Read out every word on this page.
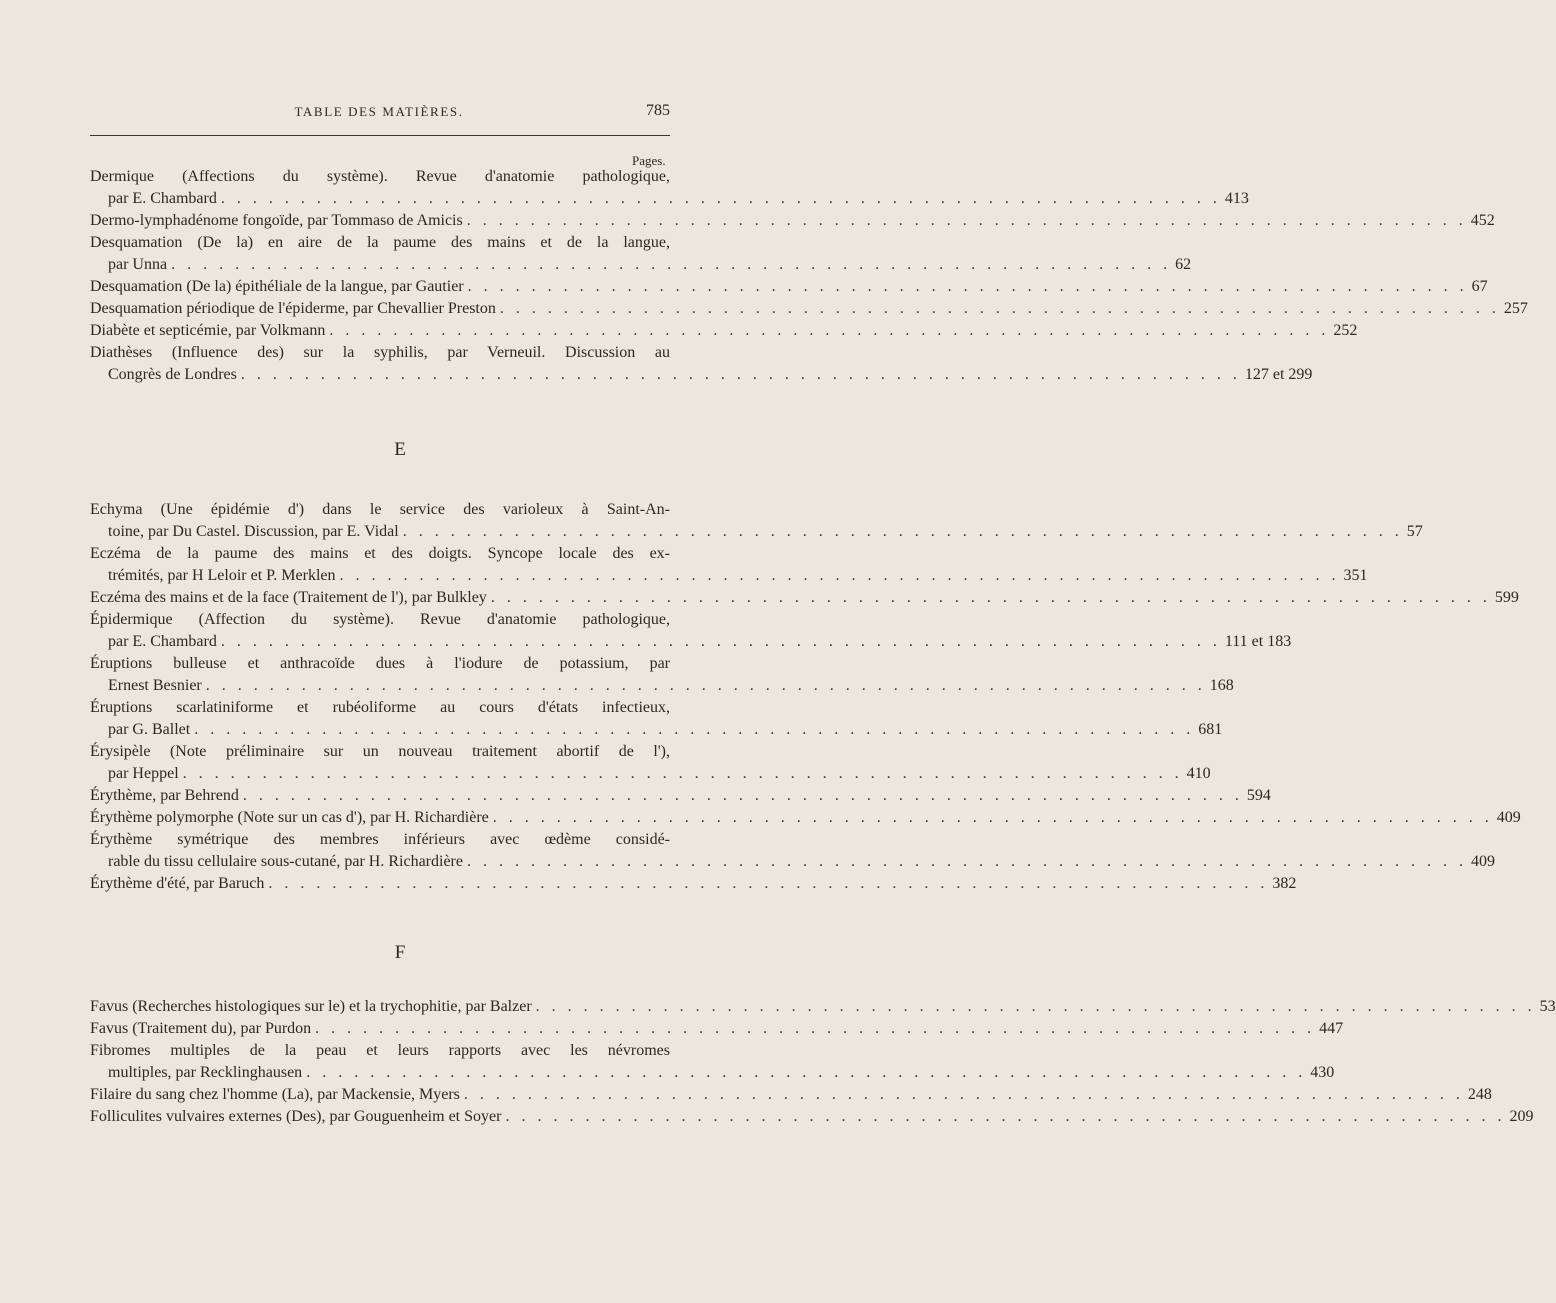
TABLE DES MATIÈRES.	785
Pages.
Dermique (Affections du système). Revue d'anatomie pathologique,
par E. Chambard . . . . . . . . . . . . . . . . . . . . . . . . . . . . . . . . . . . . . . . . . . . . . . . . . . . . . . . . . . . . . . . 413
Dermo-lymphadénome fongoïde, par Tommaso de Amicis . . . . . . . . . . . . . . . . . . . . . . . . . . . . . . . . . . . . . . . . . . . . . . . . . . . . . . . . . . . . . . . 452
Desquamation (De la) en aire de la paume des mains et de la langue,
par Unna . . . . . . . . . . . . . . . . . . . . . . . . . . . . . . . . . . . . . . . . . . . . . . . . . . . . . . . . . . . . . . . 62
Desquamation (De la) épithéliale de la langue, par Gautier . . . . . . . . . . . . . . . . . . . . . . . . . . . . . . . . . . . . . . . . . . . . . . . . . . . . . . . . . . . . . . . 67
Desquamation périodique de l'épiderme, par Chevallier Preston . . . . . . . . . . . . . . . . . . . . . . . . . . . . . . . . . . . . . . . . . . . . . . . . . . . . . . . . . . . . . . . 257
Diabète et septicémie, par Volkmann . . . . . . . . . . . . . . . . . . . . . . . . . . . . . . . . . . . . . . . . . . . . . . . . . . . . . . . . . . . . . . . 252
Diathèses (Influence des) sur la syphilis, par Verneuil. Discussion au
Congrès de Londres . . . . . . . . . . . . . . . . . . . . . . . . . . . . . . . . . . . . . . . . . . . . . . . . . . . . . . . . . . . . . . . 127 et 299
E
Echyma (Une épidémie d') dans le service des varioleux à Saint-An-
toine, par Du Castel. Discussion, par E. Vidal . . . . . . . . . . . . . . . . . . . . . . . . . . . . . . . . . . . . . . . . . . . . . . . . . . . . . . . . . . . . . . . 57
Eczéma de la paume des mains et des doigts. Syncope locale des ex-
trémités, par H Leloir et P. Merklen . . . . . . . . . . . . . . . . . . . . . . . . . . . . . . . . . . . . . . . . . . . . . . . . . . . . . . . . . . . . . . . 351
Eczéma des mains et de la face (Traitement de l'), par Bulkley . . . . . . . . . . . . . . . . . . . . . . . . . . . . . . . . . . . . . . . . . . . . . . . . . . . . . . . . . . . . . . . 599
Épidermique (Affection du système). Revue d'anatomie pathologique,
par E. Chambard . . . . . . . . . . . . . . . . . . . . . . . . . . . . . . . . . . . . . . . . . . . . . . . . . . . . . . . . . . . . . . . 111 et 183
Éruptions bulleuse et anthracoïde dues à l'iodure de potassium, par
Ernest Besnier . . . . . . . . . . . . . . . . . . . . . . . . . . . . . . . . . . . . . . . . . . . . . . . . . . . . . . . . . . . . . . . 168
Éruptions scarlatiniforme et rubéoliforme au cours d'états infectieux,
par G. Ballet . . . . . . . . . . . . . . . . . . . . . . . . . . . . . . . . . . . . . . . . . . . . . . . . . . . . . . . . . . . . . . . 681
Érysipèle (Note préliminaire sur un nouveau traitement abortif de l'),
par Heppel . . . . . . . . . . . . . . . . . . . . . . . . . . . . . . . . . . . . . . . . . . . . . . . . . . . . . . . . . . . . . . . 410
Érythème, par Behrend . . . . . . . . . . . . . . . . . . . . . . . . . . . . . . . . . . . . . . . . . . . . . . . . . . . . . . . . . . . . . . . 594
Érythème polymorphe (Note sur un cas d'), par H. Richardière . . . . . . . . . . . . . . . . . . . . . . . . . . . . . . . . . . . . . . . . . . . . . . . . . . . . . . . . . . . . . . . 409
Érythème symétrique des membres inférieurs avec œdème considé-
rable du tissu cellulaire sous-cutané, par H. Richardière . . . . . . . . . . . . . . . . . . . . . . . . . . . . . . . . . . . . . . . . . . . . . . . . . . . . . . . . . . . . . . . 409
Érythème d'été, par Baruch . . . . . . . . . . . . . . . . . . . . . . . . . . . . . . . . . . . . . . . . . . . . . . . . . . . . . . . . . . . . . . . 382
F
Favus (Recherches histologiques sur le) et la trychophitie, par Balzer . . . . . . . . . . . . . . . . . . . . . . . . . . . . . . . . . . . . . . . . . . . . . . . . . . . . . . . . . . . . . . . 53
Favus (Traitement du), par Purdon . . . . . . . . . . . . . . . . . . . . . . . . . . . . . . . . . . . . . . . . . . . . . . . . . . . . . . . . . . . . . . . 447
Fibromes multiples de la peau et leurs rapports avec les névromes
multiples, par Recklinghausen . . . . . . . . . . . . . . . . . . . . . . . . . . . . . . . . . . . . . . . . . . . . . . . . . . . . . . . . . . . . . . . 430
Filaire du sang chez l'homme (La), par Mackensie, Myers . . . . . . . . . . . . . . . . . . . . . . . . . . . . . . . . . . . . . . . . . . . . . . . . . . . . . . . . . . . . . . . 248
Folliculites vulvaires externes (Des), par Gouguenheim et Soyer . . . . . . . . . . . . . . . . . . . . . . . . . . . . . . . . . . . . . . . . . . . . . . . . . . . . . . . . . . . . . . . 209
